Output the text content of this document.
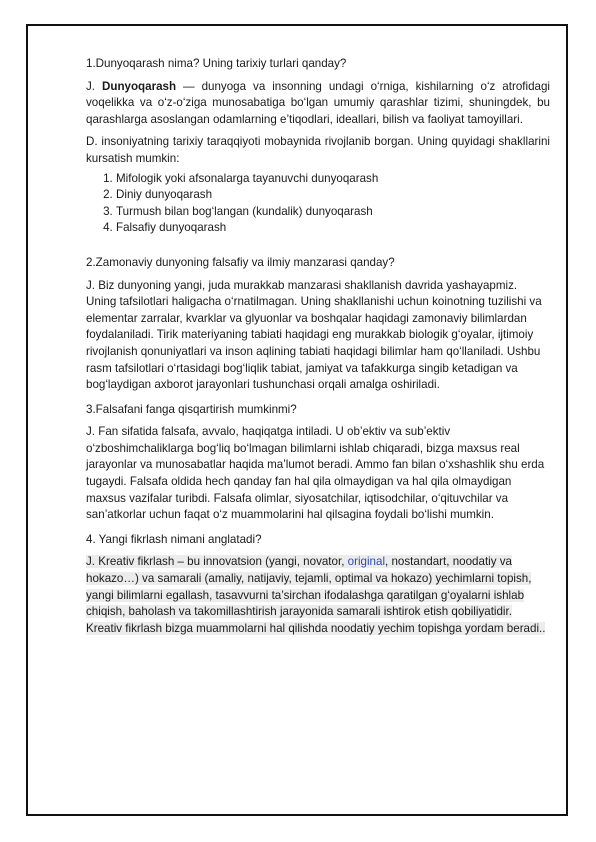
1.Dunyoqarash nima? Uning tarixiy turlari qanday?

J. Dunyoqarash — dunyoga va insonning undagi o‘rniga, kishilarning o‘z atrofidagi voqelikka va o‘z-o‘ziga munosabatiga bo‘lgan umumiy qarashlar tizimi, shuningdek, bu qarashlarga asoslangan odamlarning e’tiqodlari, ideallari, bilish va faoliyat tamoyillari.

D. insoniyatning tarixiy taraqqiyoti mobaynida rivojlanib borgan. Uning quyidagi shakllarini kursatish mumkin:

1. Mifologik yoki afsonalarga tayanuvchi dunyoqarash
2. Diniy dunyoqarash
3. Turmush bilan bog‘langan (kundalik) dunyoqarash
4. Falsafiy dunyoqarash

2.Zamonaviy dunyoning falsafiy va ilmiy manzarasi qanday?

J. Biz dunyoning yangi, juda murakkab manzarasi shakllanish davrida yashayapmiz. Uning tafsilotlari haligacha o‘rnatilmagan. Uning shakllanishi uchun koinotning tuzilishi va elementar zarralar, kvarklar va glyuonlar va boshqalar haqidagi zamonaviy bilimlardan foydalaniladi. Tirik materiyaning tabiati haqidagi eng murakkab biologik g‘oyalar, ijtimoiy rivojlanish qonuniyatlari va inson aqlining tabiati haqidagi bilimlar ham qo‘llaniladi. Ushbu rasm tafsilotlari o‘rtasidagi bog‘liqlik tabiat, jamiyat va tafakkurga singib ketadigan va bog‘laydigan axborot jarayonlari tushunchasi orqali amalga oshiriladi.

3.Falsafani fanga qisqartirish mumkinmi?

J. Fan sifatida falsafa, avvalo, haqiqatga intiladi. U ob’ektiv va sub’ektiv o‘zboshimchaliklarga bog‘liq bo‘lmagan bilimlarni ishlab chiqaradi, bizga maxsus real jarayonlar va munosabatlar haqida ma’lumot beradi. Ammo fan bilan o‘xshashlik shu erda tugaydi. Falsafa oldida hech qanday fan hal qila olmaydigan va hal qila olmaydigan maxsus vazifalar turibdi. Falsafa olimlar, siyosatchilar, iqtisodchilar, o‘qituvchilar va san’atkorlar uchun faqat o‘z muammolarini hal qilsagina foydali bo‘lishi mumkin.

4. Yangi fikrlash nimani anglatadi?

J. Kreativ fikrlash – bu innovatsion (yangi, novator, original, nostandart, noodatiy va hokazo…) va samarali (amaliy, natijaviy, tejamli, optimal va hokazo) yechimlarni topish, yangi bilimlarni egallash, tasavvurni ta’sirchan ifodalashga qaratilgan g‘oyalarni ishlab chiqish, baholash va takomillashtirish jarayonida samarali ishtirok etish qobiliyatidir.

Kreativ fikrlash bizga muammolarni hal qilishda noodatiy yechim topishga yordam beradi..
